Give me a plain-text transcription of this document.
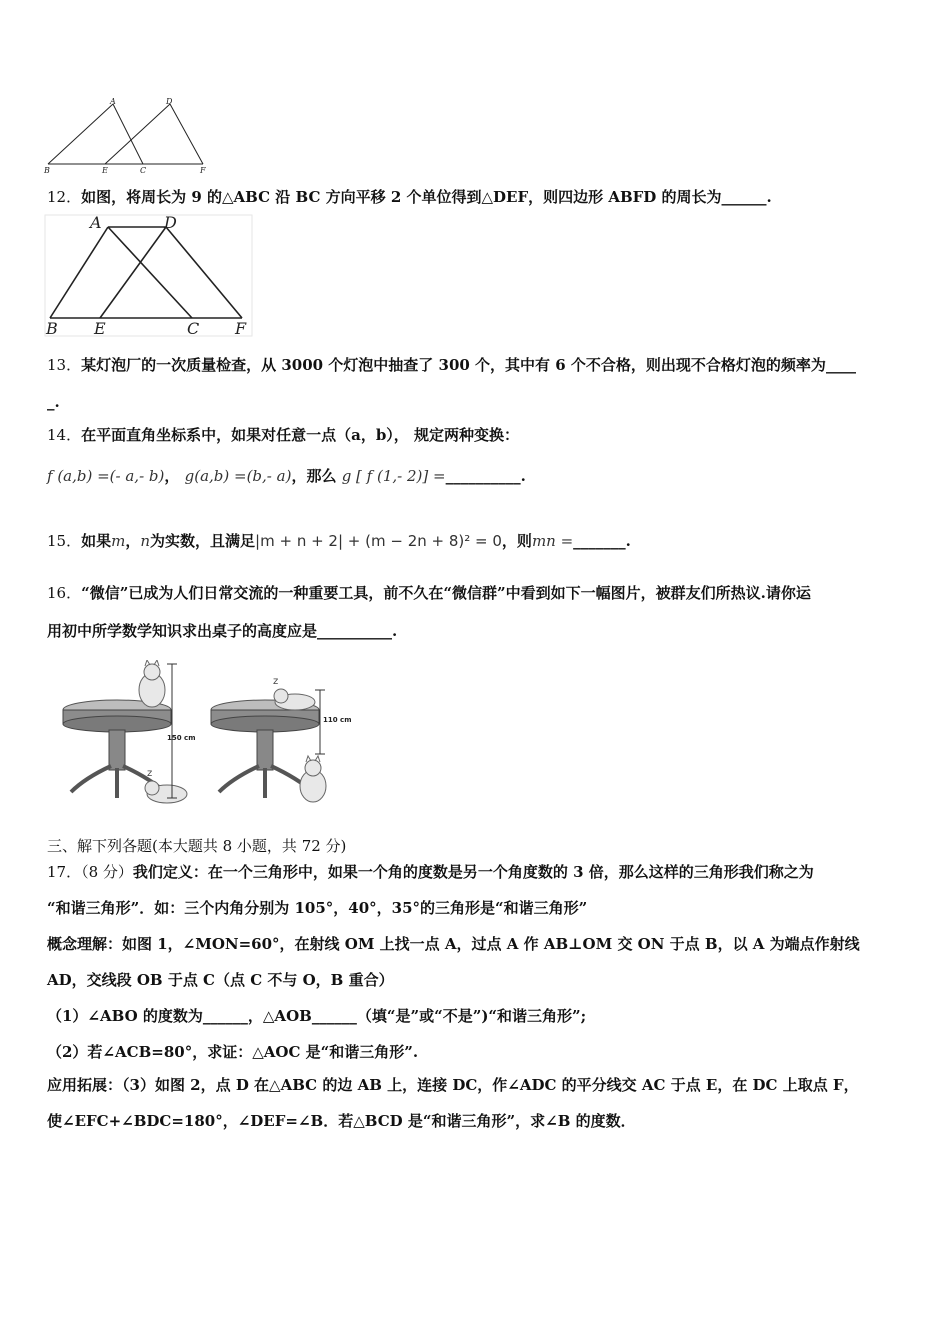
A	D
B	E	C	F
12．如图，将周长为 9 的△ABC 沿 BC 方向平移 2 个单位得到△DEF，则四边形 ABFD 的周长为______.
A	D
B E	C F
13．某灯泡厂的一次质量检查，从 3000 个灯泡中抽查了 300 个，其中有 6 个不合格，则出现不合格灯泡的频率为____
_.
14．在平面直角坐标系中，如果对任意一点（a，b）， 规定两种变换：
f (a,b) =(- a,- b)， g(a,b) =(b,- a)，那么 g [ f (1,- 2)] =__________.
15．如果m，n为实数，且满足|m + n + 2| + (m − 2n + 8)² = 0，则mn =_______.
16．“微信”已成为人们日常交流的一种重要工具，前不久在“微信群”中看到如下一幅图片，被群友们所热议.请你运
用初中所学数学知识求出桌子的高度应是__________.
z
150 cm
z
110 cm
三、解下列各题(本大题共 8 小题，共 72 分)
17．（8 分）我们定义：在一个三角形中，如果一个角的度数是另一个角度数的 3 倍，那么这样的三角形我们称之为
“和谐三角形”．如：三个内角分别为 105°，40°，35°的三角形是“和谐三角形”
概念理解：如图 1，∠MON=60°，在射线 OM 上找一点 A，过点 A 作 AB⊥OM 交 ON 于点 B，以 A 为端点作射线
AD，交线段 OB 于点 C（点 C 不与 O，B 重合）
（1）∠ABO 的度数为______，△AOB______（填“是”或“不是”)“和谐三角形”;
（2）若∠ACB=80°，求证：△AOC 是“和谐三角形”.
应用拓展：（3）如图 2，点 D 在△ABC 的边 AB 上，连接 DC，作∠ADC 的平分线交 AC 于点 E，在 DC 上取点 F，
使∠EFC+∠BDC=180°，∠DEF=∠B．若△BCD 是“和谐三角形”，求∠B 的度数．
